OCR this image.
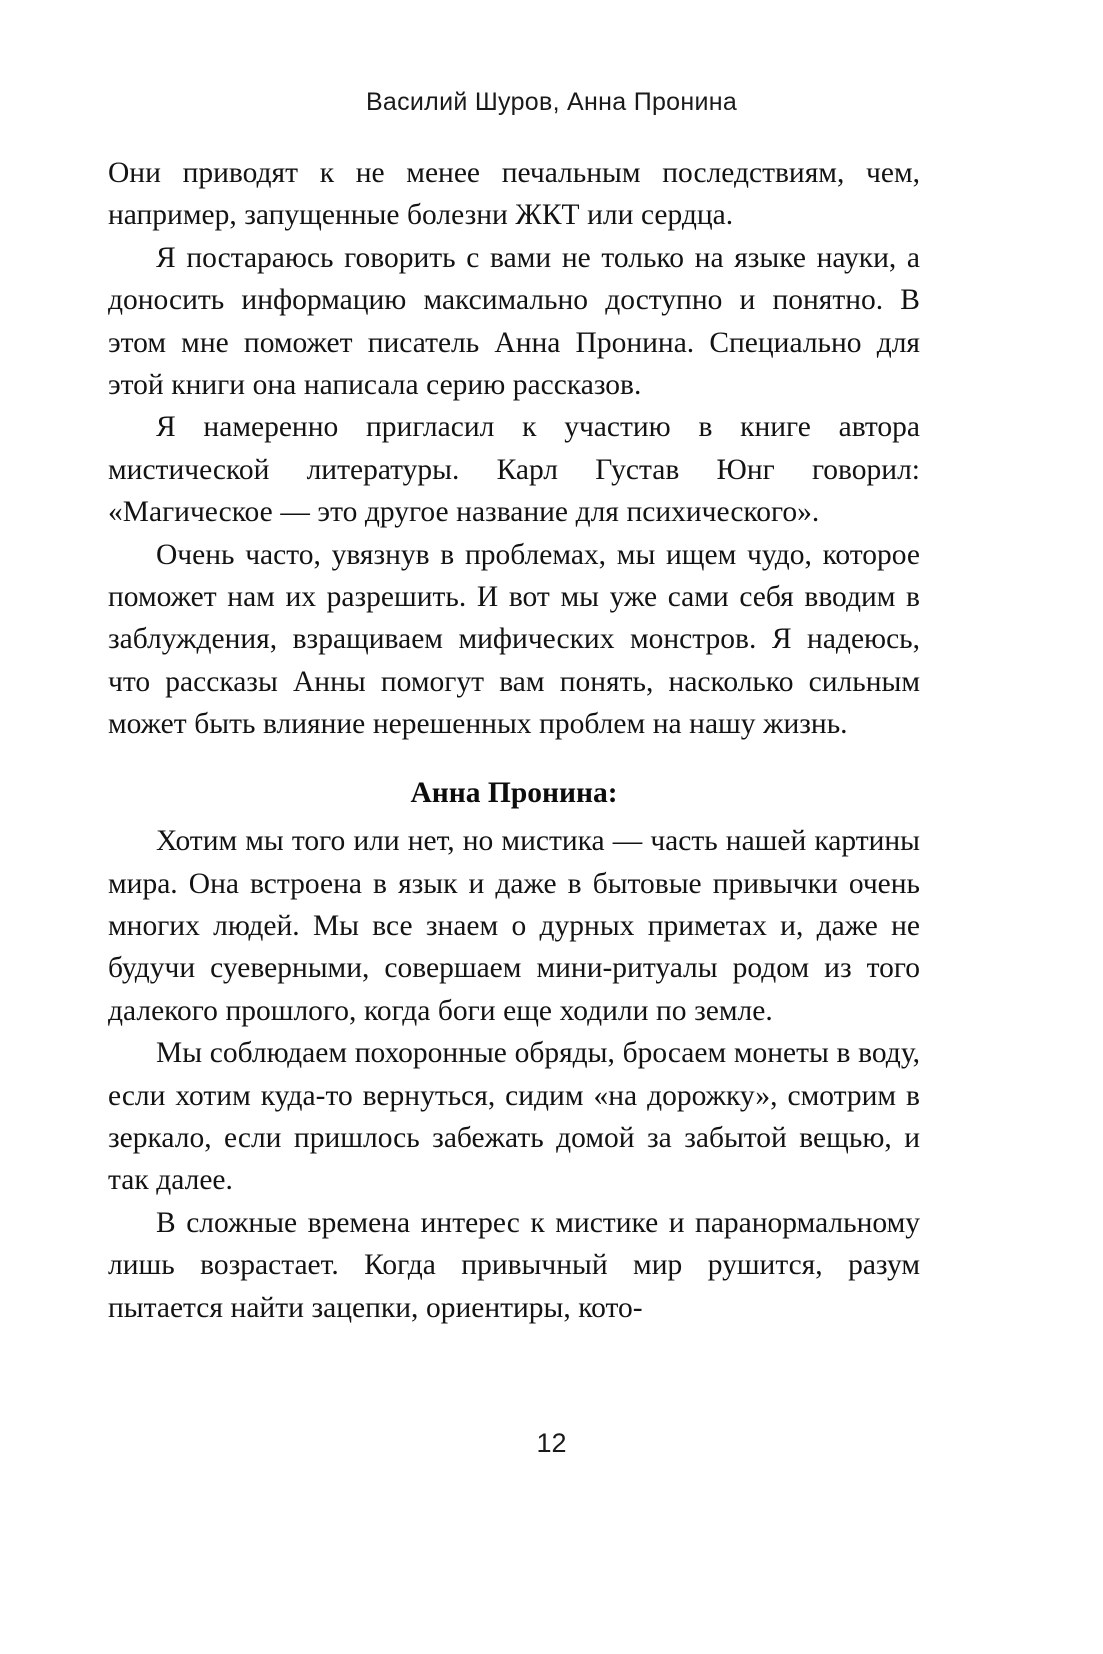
Василий Шуров, Анна Пронина

Они приводят к не менее печальным последствиям, чем, например, запущенные болезни ЖКТ или сердца.

Я постараюсь говорить с вами не только на языке науки, а доносить информацию максимально доступно и понятно. В этом мне поможет писатель Анна Пронина. Специально для этой книги она написала серию рассказов.

Я намеренно пригласил к участию в книге автора мистической литературы. Карл Густав Юнг говорил: «Магическое — это другое название для психического».

Очень часто, увязнув в проблемах, мы ищем чудо, которое поможет нам их разрешить. И вот мы уже сами себя вводим в заблуждения, взращиваем мифических монстров. Я надеюсь, что рассказы Анны помогут вам понять, насколько сильным может быть влияние нерешенных проблем на нашу жизнь.

Анна Пронина:

Хотим мы того или нет, но мистика — часть нашей картины мира. Она встроена в язык и даже в бытовые привычки очень многих людей. Мы все знаем о дурных приметах и, даже не будучи суеверными, совершаем мини-ритуалы родом из того далекого прошлого, когда боги еще ходили по земле.

Мы соблюдаем похоронные обряды, бросаем монеты в воду, если хотим куда-то вернуться, сидим «на дорожку», смотрим в зеркало, если пришлось забежать домой за забытой вещью, и так далее.

В сложные времена интерес к мистике и паранормальному лишь возрастает. Когда привычный мир рушится, разум пытается найти зацепки, ориентиры, кото-

12
